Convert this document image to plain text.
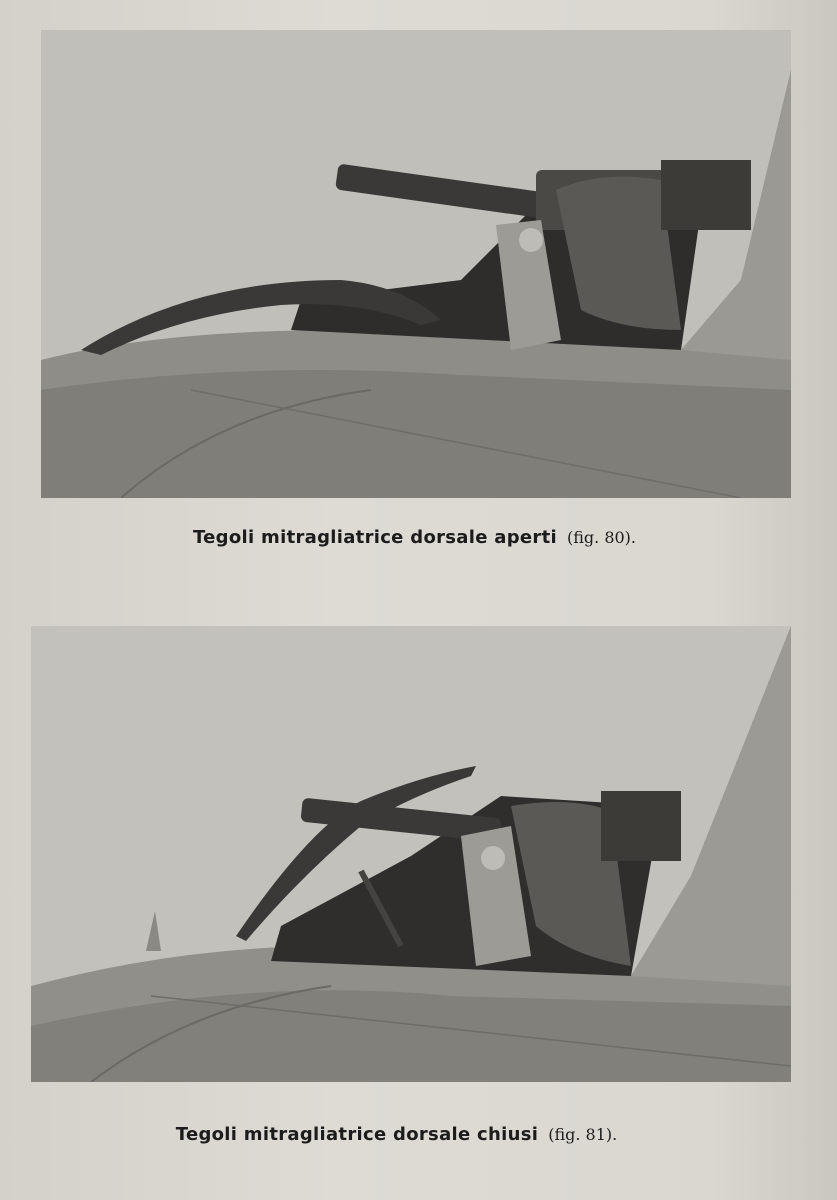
Tegoli mitragliatrice dorsale aperti (fig. 80).
Tegoli mitragliatrice dorsale chiusi (fig. 81).
